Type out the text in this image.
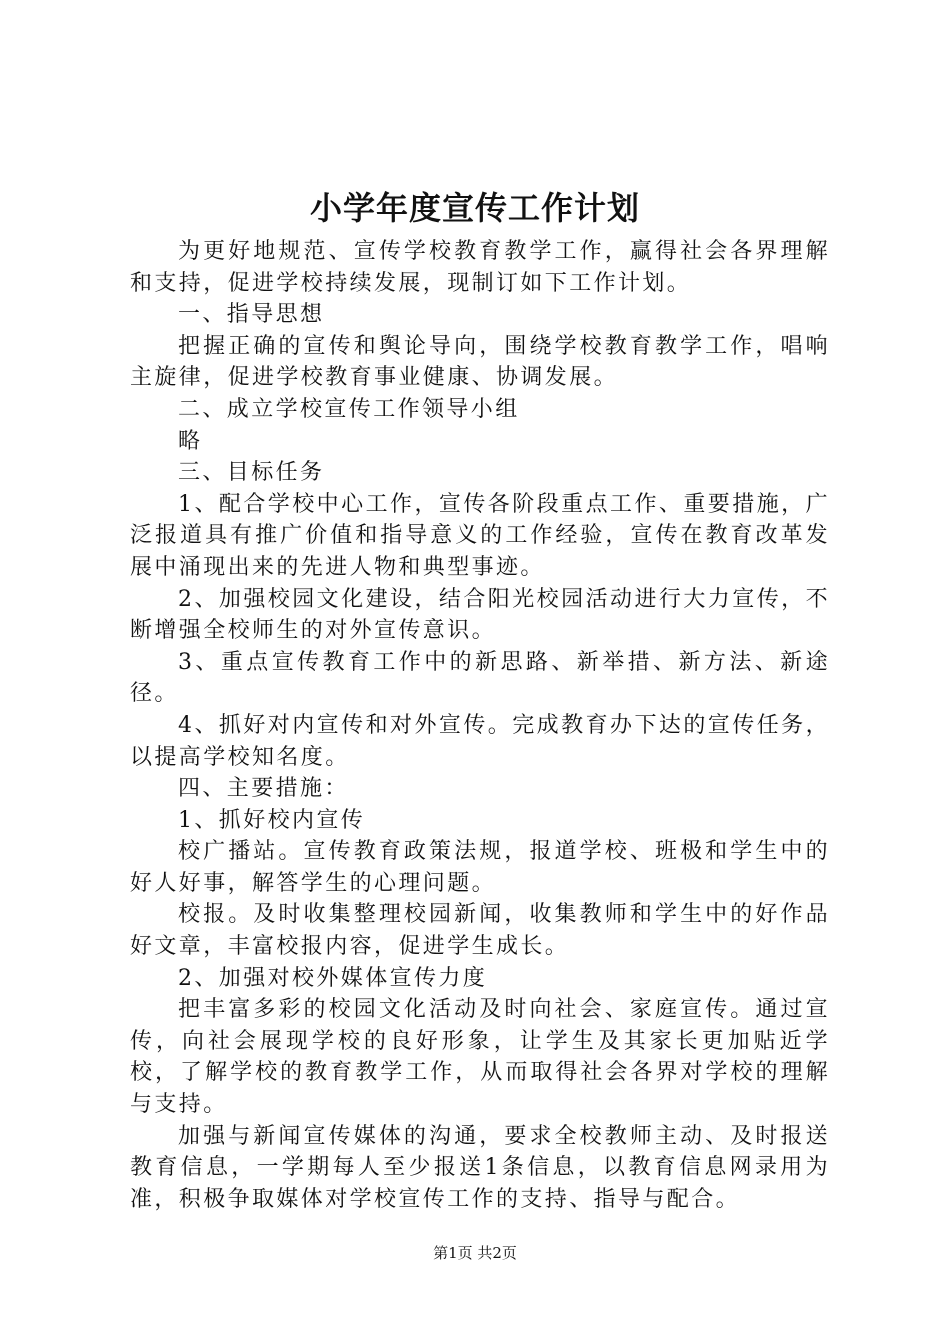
小学年度宣传工作计划

为更好地规范、宣传学校教育教学工作，赢得社会各界理解和支持，促进学校持续发展，现制订如下工作计划。

一、指导思想

把握正确的宣传和舆论导向，围绕学校教育教学工作，唱响主旋律，促进学校教育事业健康、协调发展。

二、成立学校宣传工作领导小组

略

三、目标任务

1、配合学校中心工作，宣传各阶段重点工作、重要措施，广泛报道具有推广价值和指导意义的工作经验，宣传在教育改革发展中涌现出来的先进人物和典型事迹。

2、加强校园文化建设，结合阳光校园活动进行大力宣传，不断增强全校师生的对外宣传意识。

3、重点宣传教育工作中的新思路、新举措、新方法、新途径。

4、抓好对内宣传和对外宣传。完成教育办下达的宣传任务，以提高学校知名度。

四、主要措施：

1、抓好校内宣传

校广播站。宣传教育政策法规，报道学校、班极和学生中的好人好事，解答学生的心理问题。

校报。及时收集整理校园新闻，收集教师和学生中的好作品好文章，丰富校报内容，促进学生成长。

2、加强对校外媒体宣传力度

把丰富多彩的校园文化活动及时向社会、家庭宣传。通过宣传，向社会展现学校的良好形象，让学生及其家长更加贴近学校，了解学校的教育教学工作，从而取得社会各界对学校的理解与支持。

加强与新闻宣传媒体的沟通，要求全校教师主动、及时报送教育信息，一学期每人至少报送1条信息，以教育信息网录用为准，积极争取媒体对学校宣传工作的支持、指导与配合。

第1页 共2页
